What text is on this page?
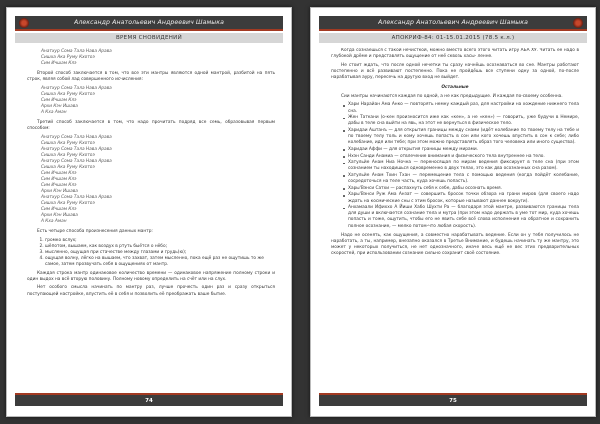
Александр Анатольевич Андреевич Шамыка
ВРЕМЯ СНОВИДЕНИЙ
Анатхур Сома Тала Нава Арава
Сишха Ака Руму Кхотоэ
Сим Ичшам Клэ

Второй способ заключается в том, что все эти мантры являются одной мантрой, разбитой на пять строк, являя собой лад совершенного исчисления:

Анатхур Сома Тала Нава Арава
Сишха Ака Руму Кхотоэ
Сим Ичшам Клэ
Архи Кэн Ишава
А Кха Аман

Третий способ заключается в том, что надо прочитать подряд все семь, образовывая первым способом:

Анатхур Сома Тала Нава Арава
Сишха Ака Руму Кхотоэ
Анатхур Сома Тала Нава Арава
Сишха Ака Руму Кхотоэ
Анатхур Сома Тала Нава Арава
Сишха Ака Руму Кхотоэ
Сим Ичшам Клэ
Сим Ичшам Клэ
Сим Ичшам Клэ
Архи Кэн Ишава
Анатхур Сома Тала Нава Арава
Сишха Ака Руму Кхотоэ
Сим Ичшам Клэ
Архи Кэн Ишава
А Кха Аман

Есть четыре способа произнесения данных мантр:

1. громко вслух;
2. шёпотом, вышаем, как воздух в ртуть быётся о нёбо;
3. мысленно, ощущая при стачестве между глазами и грудь(ю);
4. ощущая волну, лёгко на вышаем, что захват, затем мысленно, пока ещё раз не ощутишь то же самое, затем прозвучать себя в ощущениях от мантр.

Каждая строка мантр одинаковое количество времени — одинаковое напряжение полному строки и один выдох на всё вторую половину. Полному новому определить на счёт или на слух.

Нет особого смысла начинать по мантру раз, лучше прочесть один раз и сразу открыться поступающей настройке, впустить её в себя и позволить её преображать ваше бытие.

74
Александр Анатольевич Андреевич Шамыка
АПОКРИФ-84: 01-15.01.2015 (78.5 к.л.)

Когда сознаешься с такой нечисткой, можно вместо всего этого читать игру АБА ХУ. Читать её надо в глубокой дрёме и представлять ощущение от неё сквозь хасы- ленне.

Не стоит ждать, что после одной нечетки ты сразу начнёшь осознаваться во сне. Мантры работают постепенно и всё развивают постепенно. Пока не пройдёшь все ступени одну за одной, по-после нарабатывая ауру, пересечь на другую вход не выйдет.

Остальные

Сии мантры начинаются каждая по одной, а не как предыдущие. И каждая по-своему особенна.

Хари Нарайан Ама Анко — повторять немну каждый раз, для настройки на хождение нижнего тела сна.
Жен Таткани (о-кен произносится иже как «кен», а не «кен») — говорить, уже будучи в Немире, дабы в теле сна выйти на явь, на этот не вернуться в физическое тело.
Харидаи Аштанъ — для открытия границы между снами (идёт колебание по твоему телу на тебе и по твоему телу толь и кому хочешь попасть в сон или кого хочешь впустить в сон к себе; либо колебание, идя или тебе; при этом можно представлять образ того человека или иного существа).
Харидаи Аффи — для открытия границы между мирами.
Нхэн Санди Анамиа — отвлечение внимания и физического тела внутреннее на тело.
Хатульйе Анам Ниа Ночна — переносящая по мирам ведения фиксирует в теле сна (при этом сознанием ты находишься одновременно в двух телах, это как два осознанных сна разом).
Хатульйе Анам Тхин Тхан — перемещение тела с помощью ведения (когда пойдёт колебание, сосредоточься на теле часть, куда хочешь попасть).
Хары'Вэнси Сатхи — распахнуть себя к себе, дабы осознать время.
Хары'Вэнси Руж Ама Анзат — совершить бросок точки обзора на грани миров (для своего надо ждать на космические сны с этим бросок, которые называют даннее вокруги).
Анхамаали Ифиххо А Йиши Хабо Шухти Ра — благодаря этой мантре, развиваются границы тела для души и включается сознание тела и мутра (при этом надо держать в уме тот мир, куда хочешь попасть и тоже, ощутить, чтобы его не явить себе всё слова исполнения на обратное и сохранить полное осознание, — мелко потом-что любая скорость).

Надо не осенять, как ощущения, а совместно нарабатывать ведение. Если он у тебя получилось не наработать, а ты, например, внезапно оказался в Третье Внимание, и будешь начинать ту же мантру, это может у некоторых получиться, не нет однозначного, иначе весь ещё не вес этих предварительных скоростей, при использовании сознание сильно сохранит своё состояние.

75
